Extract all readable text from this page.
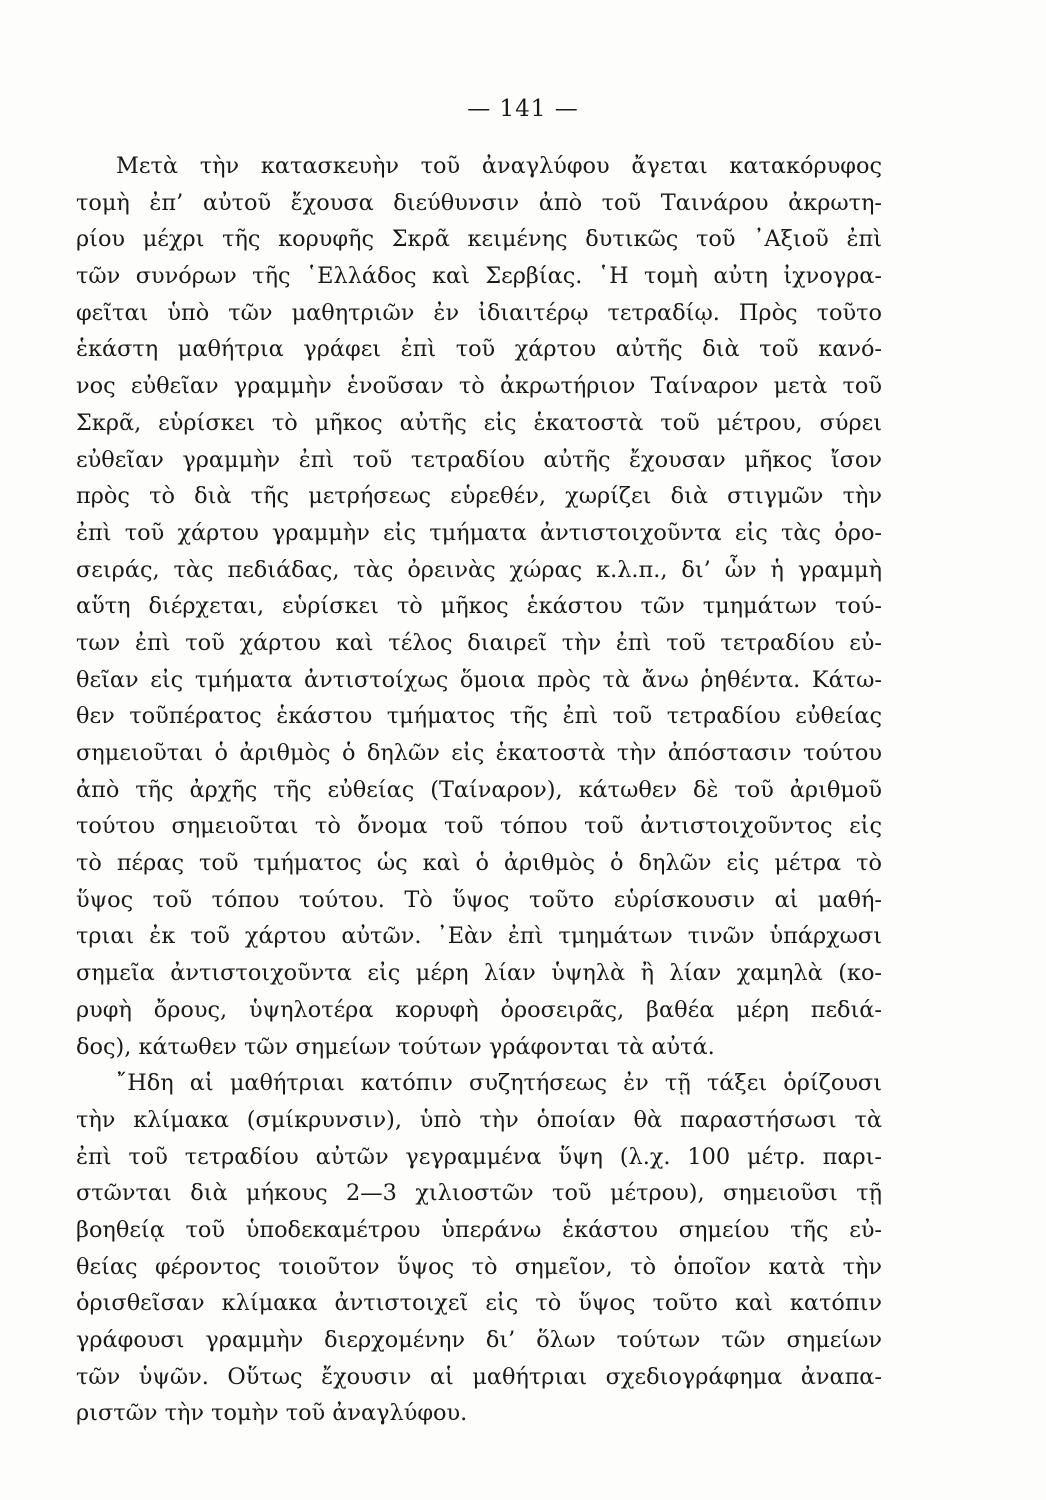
— 141 —
Μετὰ τὴν κατασκευὴν τοῦ ἀναγλύφου ἄγεται κατακόρυφος
τομὴ ἐπ’ αὐτοῦ ἔχουσα διεύθυνσιν ἀπὸ τοῦ Ταινάρου ἀκρωτη-
ρίου μέχρι τῆς κορυφῆς Σκρᾶ κειμένης δυτικῶς τοῦ ᾿Αξιοῦ ἐπὶ
τῶν συνόρων τῆς ῾Ελλάδος καὶ Σερβίας. ῾Η τομὴ αὐτη ἰχνογρα-
φεῖται ὑπὸ τῶν μαθητριῶν ἐν ἰδιαιτέρῳ τετραδίῳ. Πρὸς τοῦτο
ἑκάστη μαθήτρια γράφει ἐπὶ τοῦ χάρτου αὐτῆς διὰ τοῦ κανό-
νος εὐθεῖαν γραμμὴν ἑνοῦσαν τὸ ἀκρωτήριον Ταίναρον μετὰ τοῦ
Σκρᾶ, εὑρίσκει τὸ μῆκος αὐτῆς εἰς ἑκατοστὰ τοῦ μέτρου, σύρει
εὐθεῖαν γραμμὴν ἐπὶ τοῦ τετραδίου αὐτῆς ἔχουσαν μῆκος ἴσον
πρὸς τὸ διὰ τῆς μετρήσεως εὑρεθέν, χωρίζει διὰ στιγμῶν τὴν
ἐπὶ τοῦ χάρτου γραμμὴν εἰς τμήματα ἀντιστοιχοῦντα εἰς τὰς ὀρο-
σειράς, τὰς πεδιάδας, τὰς ὀρεινὰς χώρας κ.λ.π., δι’ ὧν ἡ γραμμὴ
αὕτη διέρχεται, εὑρίσκει τὸ μῆκος ἑκάστου τῶν τμημάτων τού-
των ἐπὶ τοῦ χάρτου καὶ τέλος διαιρεῖ τὴν ἐπὶ τοῦ τετραδίου εὐ-
θεῖαν εἰς τμήματα ἀντιστοίχως ὅμοια πρὸς τὰ ἄνω ῥηθέντα. Κάτω-
θεν τοῦπέρατος ἑκάστου τμήματος τῆς ἐπὶ τοῦ τετραδίου εὐθείας
σημειοῦται ὁ ἀριθμὸς ὁ δηλῶν εἰς ἑκατοστὰ τὴν ἀπόστασιν τούτου
ἀπὸ τῆς ἀρχῆς τῆς εὐθείας (Ταίναρον), κάτωθεν δὲ τοῦ ἀριθμοῦ
τούτου σημειοῦται τὸ ὄνομα τοῦ τόπου τοῦ ἀντιστοιχοῦντος εἰς
τὸ πέρας τοῦ τμήματος ὡς καὶ ὁ ἀριθμὸς ὁ δηλῶν εἰς μέτρα τὸ
ὕψος τοῦ τόπου τούτου. Τὸ ὕψος τοῦτο εὑρίσκουσιν αἱ μαθή-
τριαι ἐκ τοῦ χάρτου αὐτῶν. ᾿Εὰν ἐπὶ τμημάτων τινῶν ὑπάρχωσι
σημεῖα ἀντιστοιχοῦντα εἰς μέρη λίαν ὑψηλὰ ἢ λίαν χαμηλὰ (κο-
ρυφὴ ὄρους, ὑψηλοτέρα κορυφὴ ὀροσειρᾶς, βαθέα μέρη πεδιά-
δος), κάτωθεν τῶν σημείων τούτων γράφονται τὰ αὐτά.
῎Ηδη αἱ μαθήτριαι κατόπιν συζητήσεως ἐν τῇ τάξει ὁρίζουσι
τὴν κλίμακα (σμίκρυνσιν), ὑπὸ τὴν ὁποίαν θὰ παραστήσωσι τὰ
ἐπὶ τοῦ τετραδίου αὐτῶν γεγραμμένα ὕψη (λ.χ. 100 μέτρ. παρι-
στῶνται διὰ μήκους 2—3 χιλιοστῶν τοῦ μέτρου), σημειοῦσι τῇ
βοηθείᾳ τοῦ ὑποδεκαμέτρου ὑπεράνω ἑκάστου σημείου τῆς εὐ-
θείας φέροντος τοιοῦτον ὕψος τὸ σημεῖον, τὸ ὁποῖον κατὰ τὴν
ὁρισθεῖσαν κλίμακα ἀντιστοιχεῖ εἰς τὸ ὕψος τοῦτο καὶ κατόπιν
γράφουσι γραμμὴν διερχομένην δι’ ὅλων τούτων τῶν σημείων
τῶν ὑψῶν. Οὕτως ἔχουσιν αἱ μαθήτριαι σχεδιογράφημα ἀναπα-
ριστῶν τὴν τομὴν τοῦ ἀναγλύφου.
